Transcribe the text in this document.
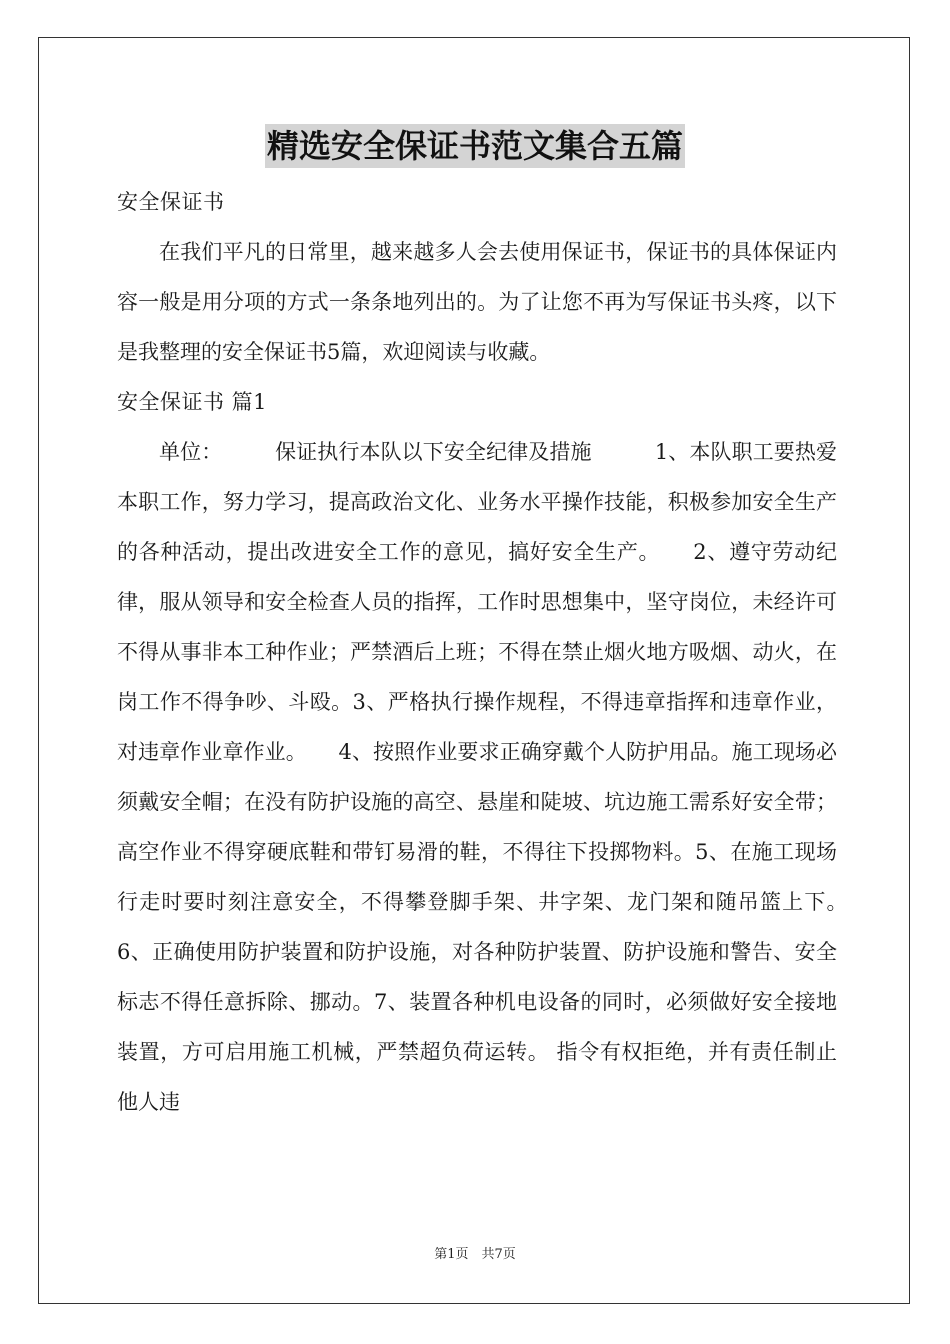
精选安全保证书范文集合五篇

安全保证书

在我们平凡的日常里，越来越多人会去使用保证书，保证书的具体保证内容一般是用分项的方式一条条地列出的。为了让您不再为写保证书头疼，以下是我整理的安全保证书5篇，欢迎阅读与收藏。

安全保证书 篇1

单位：　　　保证执行本队以下安全纪律及措施　　　1、本队职工要热爱本职工作，努力学习，提高政治文化、业务水平操作技能，积极参加安全生产的各种活动，提出改进安全工作的意见，搞好安全生产。　　2、遵守劳动纪律，服从领导和安全检查人员的指挥，工作时思想集中，坚守岗位，未经许可不得从事非本工种作业；严禁酒后上班；不得在禁止烟火地方吸烟、动火，在岗工作不得争吵、斗殴。3、严格执行操作规程，不得违章指挥和违章作业，对违章作业章作业。　　4、按照作业要求正确穿戴个人防护用品。施工现场必须戴安全帽；在没有防护设施的高空、悬崖和陡坡、坑边施工需系好安全带；高空作业不得穿硬底鞋和带钉易滑的鞋，不得往下投掷物料。5、在施工现场行走时要时刻注意安全，不得攀登脚手架、井字架、龙门架和随吊篮上下。　　6、正确使用防护装置和防护设施，对各种防护装置、防护设施和警告、安全标志不得任意拆除、挪动。7、装置各种机电设备的同时，必须做好安全接地装置，方可启用施工机械，严禁超负荷运转。 指令有权拒绝，并有责任制止他人违

第1页　共7页
